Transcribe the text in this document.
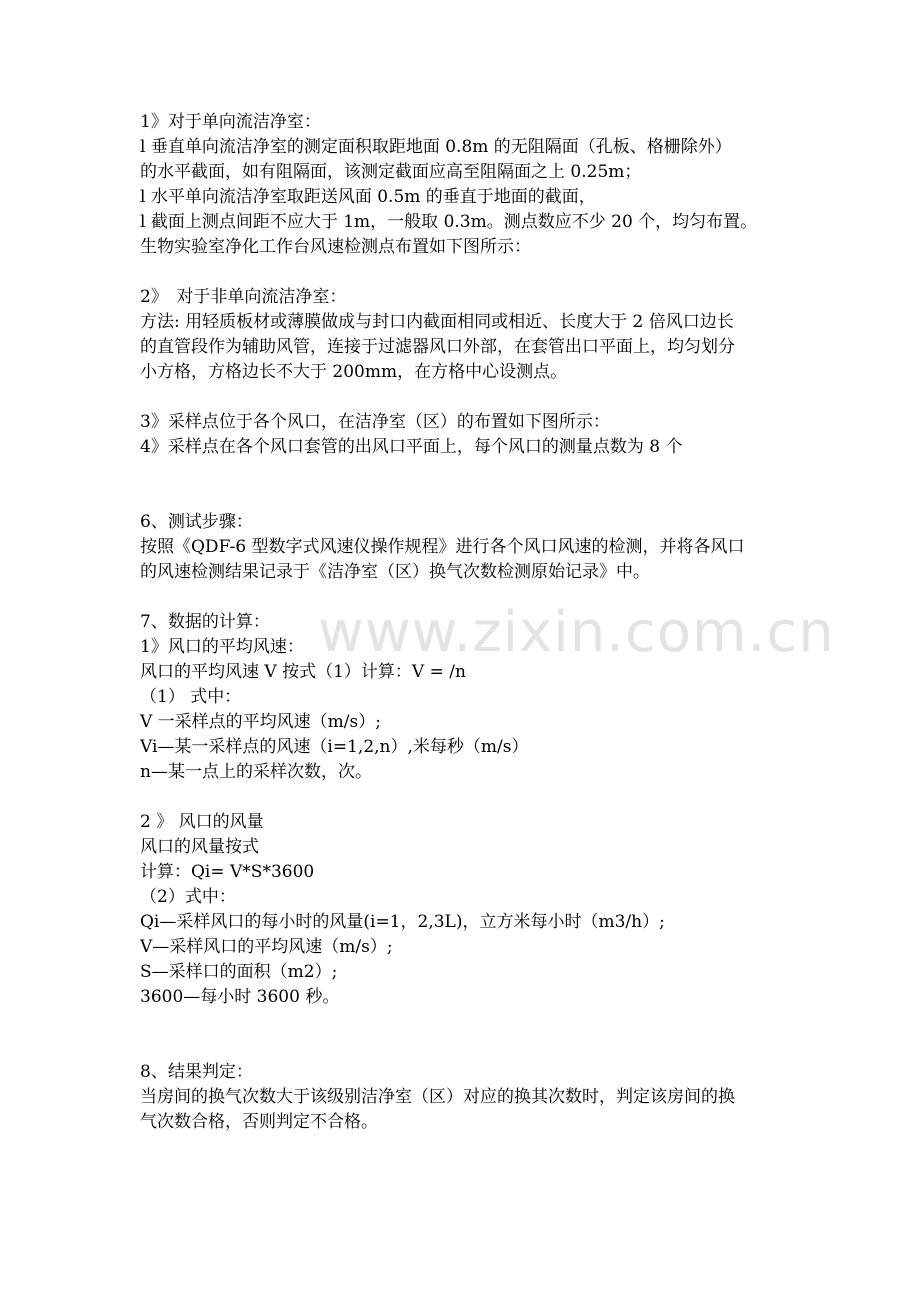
www.zixin.com.cn
1》对于单向流洁净室：
l 垂直单向流洁净室的测定面积取距地面 0.8m 的无阻隔面（孔板、格栅除外）
的水平截面，如有阻隔面，该测定截面应高至阻隔面之上 0.25m；
l 水平单向流洁净室取距送风面 0.5m 的垂直于地面的截面，
l 截面上测点间距不应大于 1m，一般取 0.3m。测点数应不少 20 个，均匀布置。
生物实验室净化工作台风速检测点布置如下图所示：
2》　对于非单向流洁净室：
方法: 用轻质板材或薄膜做成与封口内截面相同或相近、长度大于 2 倍风口边长
的直管段作为辅助风管，连接于过滤器风口外部，在套管出口平面上，均匀划分
小方格，方格边长不大于 200mm，在方格中心设测点。
3》采样点位于各个风口，在洁净室（区）的布置如下图所示：
4》采样点在各个风口套管的出风口平面上，每个风口的测量点数为 8 个
6、测试步骤：
按照《QDF-6 型数字式风速仪操作规程》进行各个风口风速的检测，并将各风口
的风速检测结果记录于《洁净室（区）换气次数检测原始记录》中。
7、数据的计算：
1》风口的平均风速：
风口的平均风速 V 按式（1）计算：V = /n
（1） 式中：
V 一采样点的平均风速（m/s）;
Vi—某一采样点的风速（i=1,2,n）,米每秒（m/s）
n—某一点上的采样次数，次。
2 》 风口的风量
风口的风量按式
计算：Qi= V*S*3600
（2）式中：
Qi—采样风口的每小时的风量(i=1，2,3L)，立方米每小时（m3/h）;
V—采样风口的平均风速（m/s）;
S—采样口的面积（m2）;
3600—每小时 3600 秒。
8、结果判定：
当房间的换气次数大于该级别洁净室（区）对应的换其次数时，判定该房间的换
气次数合格，否则判定不合格。
